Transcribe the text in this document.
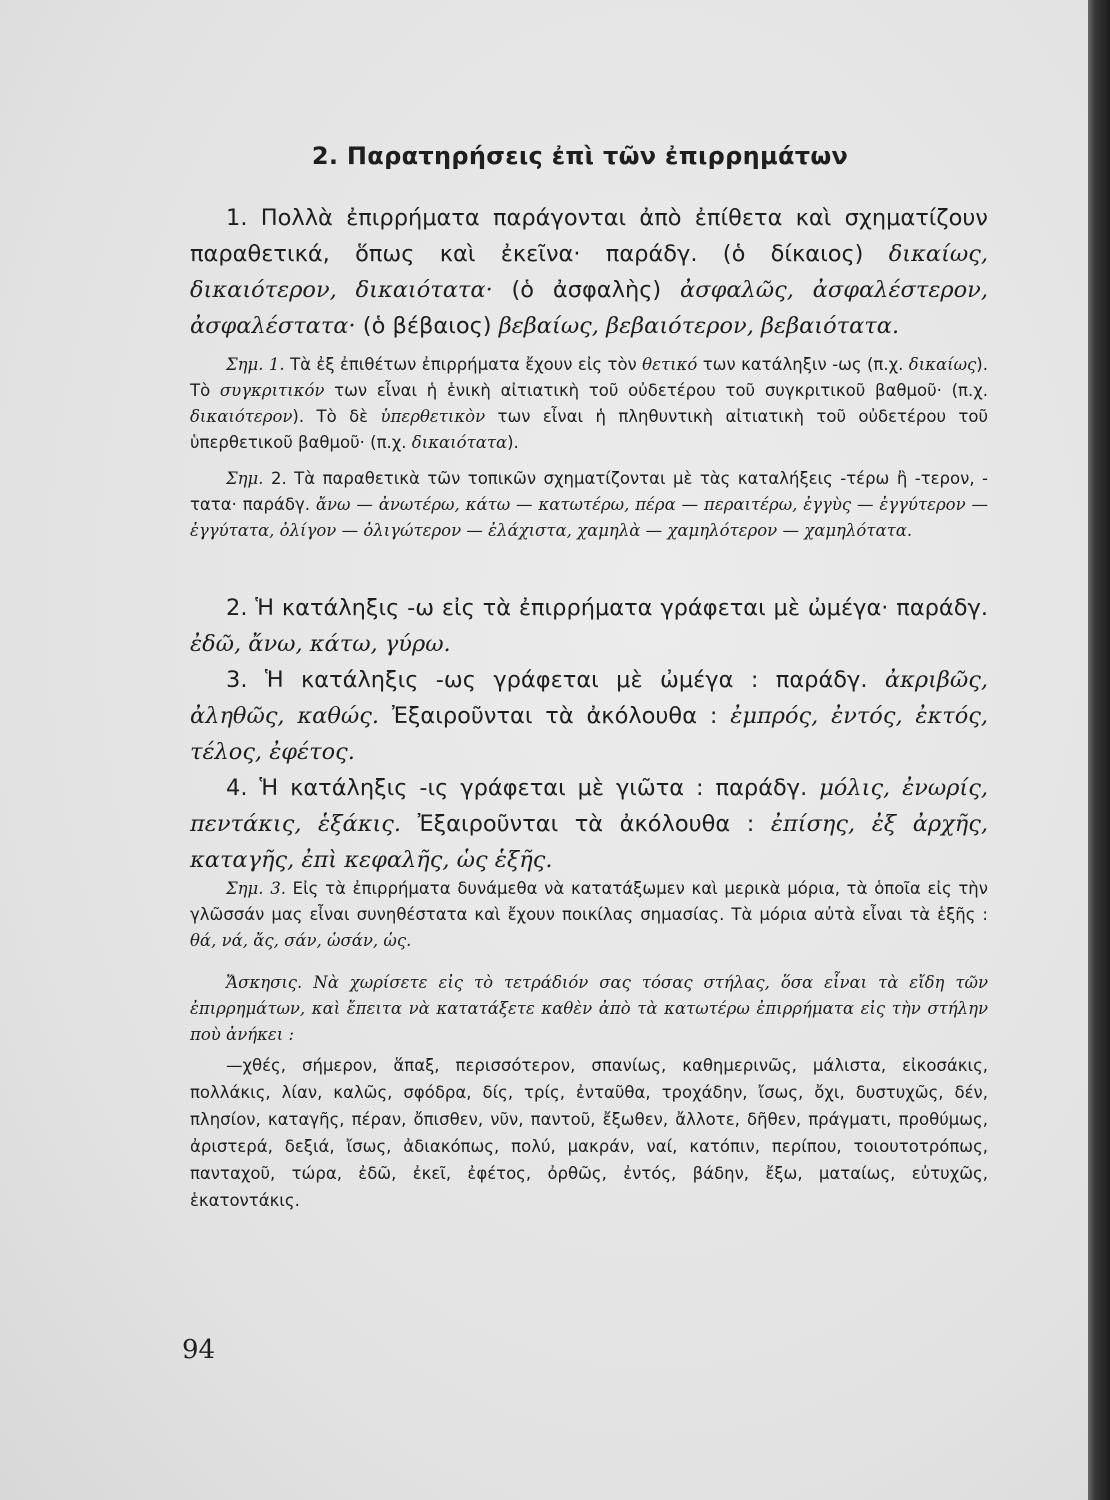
2. Παρατηρήσεις ἐπὶ τῶν ἐπιρρημάτων

1. Πολλὰ ἐπιρρήματα παράγονται ἀπὸ ἐπίθετα καὶ σχηματίζουν παραθετικά, ὅπως καὶ ἐκεῖνα· παράδγ. (ὁ δίκαιος) δικαίως, δικαιότερον, δικαιότατα· (ὁ ἀσφαλὴς) ἀσφαλῶς, ἀσφαλέστερον, ἀσφαλέστατα· (ὁ βέβαιος) βεβαίως, βεβαιότερον, βεβαιότατα.

Σημ. 1. Τὰ ἐξ ἐπιθέτων ἐπιρρήματα ἔχουν εἰς τὸν θετικό των κατάληξιν -ως (π.χ. δικαίως). Τὸ συγκριτικόν των εἶναι ἡ ἑνικὴ αἰτιατικὴ τοῦ οὐδετέρου τοῦ συγκριτικοῦ βαθμοῦ· (π.χ. δικαιότερον). Τὸ δὲ ὑπερθετικὸν των εἶναι ἡ πληθυντικὴ αἰτιατικὴ τοῦ οὐδετέρου τοῦ ὑπερθετικοῦ βαθμοῦ· (π.χ. δικαιότατα).

Σημ. 2. Τὰ παραθετικὰ τῶν τοπικῶν σχηματίζονται μὲ τὰς καταλήξεις -τέρω ἢ -τερον, - τατα· παράδγ. ἄνω — ἀνωτέρω, κάτω — κατωτέρω, πέρα — περαιτέρω, ἐγγὺς — ἐγγύτερον — ἐγγύτατα, ὀλίγον — ὀλιγώτερον — ἐλάχιστα, χαμηλὰ — χαμηλότερον — χαμηλότατα.

2. Ἡ κατάληξις -ω εἰς τὰ ἐπιρρήματα γράφεται μὲ ὠμέγα· παράδγ. ἐδῶ, ἄνω, κάτω, γύρω.

3. Ἡ κατάληξις -ως γράφεται μὲ ὠμέγα : παράδγ. ἀκριβῶς, ἀληθῶς, καθώς. Ἐξαιροῦνται τὰ ἀκόλουθα : ἐμπρός, ἐντός, ἐκτός, τέλος, ἐφέτος.

4. Ἡ κατάληξις -ις γράφεται μὲ γιῶτα : παράδγ. μόλις, ἐνωρίς, πεντάκις, ἑξάκις. Ἐξαιροῦνται τὰ ἀκόλουθα : ἐπίσης, ἐξ ἀρχῆς, καταγῆς, ἐπὶ κεφαλῆς, ὡς ἑξῆς.

Σημ. 3. Εἰς τὰ ἐπιρρήματα δυνάμεθα νὰ κατατάξωμεν καὶ μερικὰ μόρια, τὰ ὁποῖα εἰς τὴν γλῶσσάν μας εἶναι συνηθέστατα καὶ ἔχουν ποικίλας σημασίας. Τὰ μόρια αὐτὰ εἶναι τὰ ἑξῆς : θά, νά, ἄς, σάν, ὡσάν, ὡς.

Ἄσκησις. Νὰ χωρίσετε εἰς τὸ τετράδιόν σας τόσας στήλας, ὅσα εἶναι τὰ εἴδη τῶν ἐπιρρημάτων, καὶ ἔπειτα νὰ κατατάξετε καθὲν ἀπὸ τὰ κατωτέρω ἐπιρρήματα εἰς τὴν στήλην ποὺ ἀνήκει :

—χθές, σήμερον, ἅπαξ, περισσότερον, σπανίως, καθημερινῶς, μάλιστα, εἰκοσάκις, πολλάκις, λίαν, καλῶς, σφόδρα, δίς, τρίς, ἐνταῦθα, τροχάδην, ἴσως, ὄχι, δυστυχῶς, δέν, πλησίον, καταγῆς, πέραν, ὄπισθεν, νῦν, παντοῦ, ἔξωθεν, ἄλλοτε, δῆθεν, πράγματι, προθύμως, ἀριστερά, δεξιά, ἴσως, ἀδιακόπως, πολύ, μακράν, ναί, κατόπιν, περίπου, τοιουτοτρόπως, πανταχοῦ, τώρα, ἐδῶ, ἐκεῖ, ἐφέτος, ὀρθῶς, ἐντός, βάδην, ἔξω, ματαίως, εὐτυχῶς, ἑκατοντάκις.

94
